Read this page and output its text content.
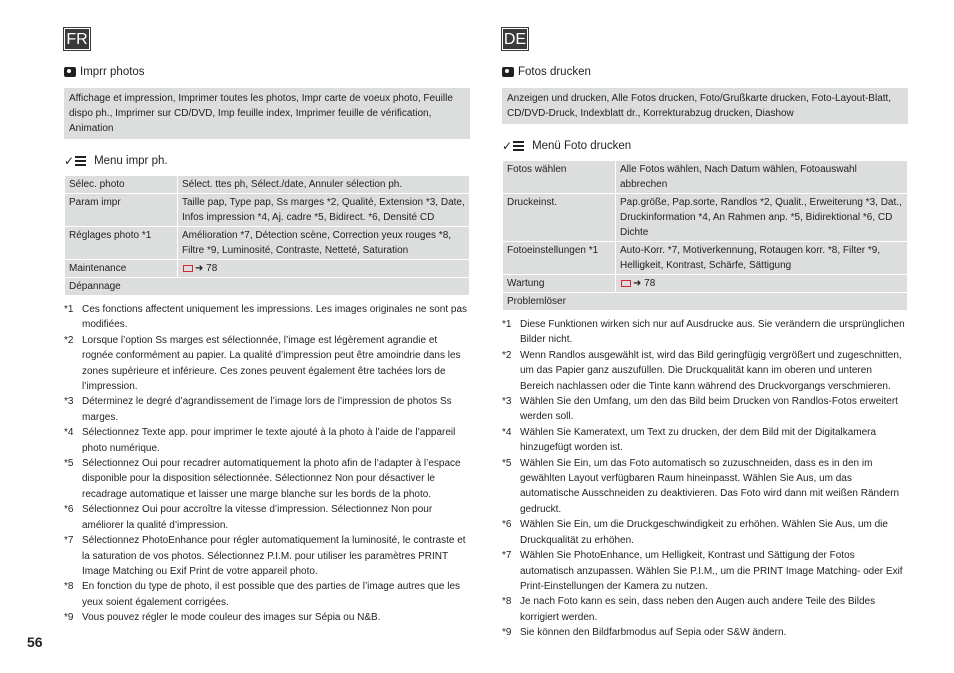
FR
Imprr photos
Affichage et impression, Imprimer toutes les photos, Impr carte de voeux photo, Feuille dispo ph., Imprimer sur CD/DVD, Imp feuille index, Imprimer feuille de vérification, Animation
✓	Menu impr ph.
Sélec. photo	Sélect. ttes ph, Sélect./date, Annuler sélection ph.
Param impr	Taille pap, Type pap, Ss marges *2, Qualité, Extension *3, Date, Infos impression *4, Aj. cadre *5, Bidirect. *6, Densité CD
Réglages photo *1	Amélioration *7, Détection scène, Correction yeux rouges *8, Filtre *9, Luminosité, Contraste, Netteté, Saturation
Maintenance	➜ 78
Dépannage	
*1 Ces fonctions affectent uniquement les impressions. Les images originales ne sont pas modifiées.
*2 Lorsque l’option Ss marges est sélectionnée, l’image est légèrement agrandie et rognée conformément au papier. La qualité d’impression peut être amoindrie dans les zones supérieure et inférieure. Ces zones peuvent également être tachées lors de l’impression.
*3 Déterminez le degré d’agrandissement de l’image lors de l’impression de photos Ss marges.
*4 Sélectionnez Texte app. pour imprimer le texte ajouté à la photo à l’aide de l’appareil photo numérique.
*5 Sélectionnez Oui pour recadrer automatiquement la photo afin de l’adapter à l’espace disponible pour la disposition sélectionnée. Sélectionnez Non pour désactiver le recadrage automatique et laisser une marge blanche sur les bords de la photo.
*6 Sélectionnez Oui pour accroître la vitesse d’impression. Sélectionnez Non pour améliorer la qualité d’impression.
*7 Sélectionnez PhotoEnhance pour régler automatiquement la luminosité, le contraste et la saturation de vos photos. Sélectionnez P.I.M. pour utiliser les paramètres PRINT Image Matching ou Exif Print de votre appareil photo.
*8 En fonction du type de photo, il est possible que des parties de l’image autres que les yeux soient également corrigées.
*9 Vous pouvez régler le mode couleur des images sur Sépia ou N&B.
DE
Fotos drucken
Anzeigen und drucken, Alle Fotos drucken, Foto/Grußkarte drucken, Foto-Layout-Blatt, CD/DVD-Druck, Indexblatt dr., Korrekturabzug drucken, Diashow
✓	Menü Foto drucken
Fotos wählen	Alle Fotos wählen, Nach Datum wählen, Fotoauswahl abbrechen
Druckeinst.	Pap.größe, Pap.sorte, Randlos *2, Qualit., Erweiterung *3, Dat., Druckinformation *4, An Rahmen anp. *5, Bidirektional *6, CD Dichte
Fotoeinstellungen *1	Auto-Korr. *7, Motiverkennung, Rotaugen korr. *8, Filter *9, Helligkeit, Kontrast, Schärfe, Sättigung
Wartung	➜ 78
Problemlöser	
*1 Diese Funktionen wirken sich nur auf Ausdrucke aus. Sie verändern die ursprünglichen Bilder nicht.
*2 Wenn Randlos ausgewählt ist, wird das Bild geringfügig vergrößert und zugeschnitten, um das Papier ganz auszufüllen. Die Druckqualität kann im oberen und unteren Bereich nachlassen oder die Tinte kann während des Druckvorgangs verschmieren.
*3 Wählen Sie den Umfang, um den das Bild beim Drucken von Randlos-Fotos erweitert werden soll.
*4 Wählen Sie Kameratext, um Text zu drucken, der dem Bild mit der Digitalkamera hinzugefügt worden ist.
*5 Wählen Sie Ein, um das Foto automatisch so zuzuschneiden, dass es in den im gewählten Layout verfügbaren Raum hineinpasst. Wählen Sie Aus, um das automatische Ausschneiden zu deaktivieren. Das Foto wird dann mit weißen Rändern gedruckt.
*6 Wählen Sie Ein, um die Druckgeschwindigkeit zu erhöhen. Wählen Sie Aus, um die Druckqualität zu erhöhen.
*7 Wählen Sie PhotoEnhance, um Helligkeit, Kontrast und Sättigung der Fotos automatisch anzupassen. Wählen Sie P.I.M., um die PRINT Image Matching- oder Exif Print-Einstellungen der Kamera zu nutzen.
*8 Je nach Foto kann es sein, dass neben den Augen auch andere Teile des Bildes korrigiert werden.
*9 Sie können den Bildfarbmodus auf Sepia oder S&W ändern.
56
